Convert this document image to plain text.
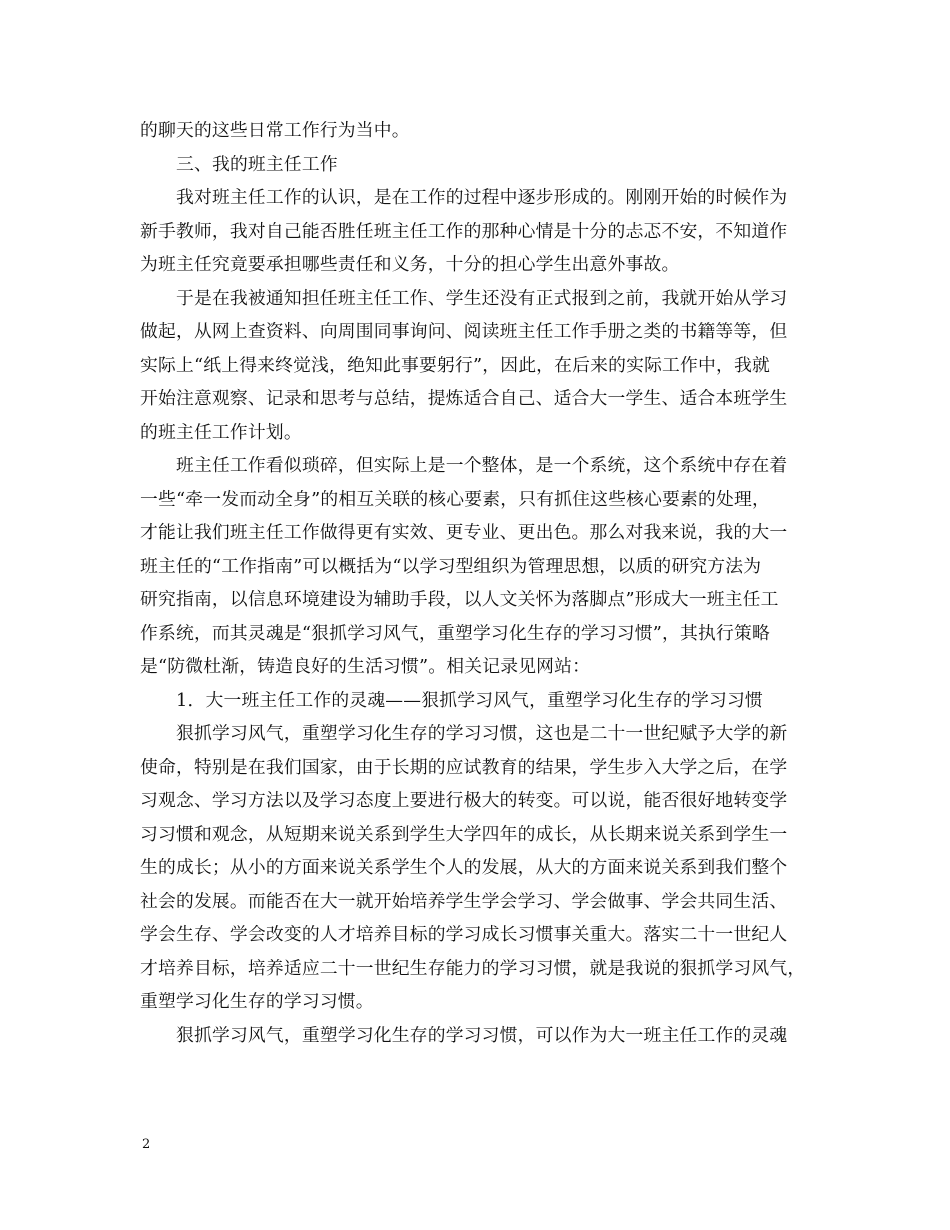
的聊天的这些日常工作行为当中。
三、我的班主任工作
我对班主任工作的认识，是在工作的过程中逐步形成的。刚刚开始的时候作为
新手教师，我对自己能否胜任班主任工作的那种心情是十分的忐忑不安，不知道作
为班主任究竟要承担哪些责任和义务，十分的担心学生出意外事故。
于是在我被通知担任班主任工作、学生还没有正式报到之前，我就开始从学习
做起，从网上查资料、向周围同事询问、阅读班主任工作手册之类的书籍等等，但
实际上“纸上得来终觉浅，绝知此事要躬行”，因此，在后来的实际工作中，我就
开始注意观察、记录和思考与总结，提炼适合自己、适合大一学生、适合本班学生
的班主任工作计划。
班主任工作看似琐碎，但实际上是一个整体，是一个系统，这个系统中存在着
一些“牵一发而动全身”的相互关联的核心要素，只有抓住这些核心要素的处理，
才能让我们班主任工作做得更有实效、更专业、更出色。那么对我来说，我的大一
班主任的“工作指南”可以概括为“以学习型组织为管理思想，以质的研究方法为
研究指南，以信息环境建设为辅助手段，以人文关怀为落脚点”形成大一班主任工
作系统，而其灵魂是“狠抓学习风气，重塑学习化生存的学习习惯”，其执行策略
是“防微杜渐，铸造良好的生活习惯”。相关记录见网站：
1．大一班主任工作的灵魂——狠抓学习风气，重塑学习化生存的学习习惯
狠抓学习风气，重塑学习化生存的学习习惯，这也是二十一世纪赋予大学的新
使命，特别是在我们国家，由于长期的应试教育的结果，学生步入大学之后，在学
习观念、学习方法以及学习态度上要进行极大的转变。可以说，能否很好地转变学
习习惯和观念，从短期来说关系到学生大学四年的成长，从长期来说关系到学生一
生的成长；从小的方面来说关系学生个人的发展，从大的方面来说关系到我们整个
社会的发展。而能否在大一就开始培养学生学会学习、学会做事、学会共同生活、
学会生存、学会改变的人才培养目标的学习成长习惯事关重大。落实二十一世纪人
才培养目标，培养适应二十一世纪生存能力的学习习惯，就是我说的狠抓学习风气，
重塑学习化生存的学习习惯。
狠抓学习风气，重塑学习化生存的学习习惯，可以作为大一班主任工作的灵魂
2
